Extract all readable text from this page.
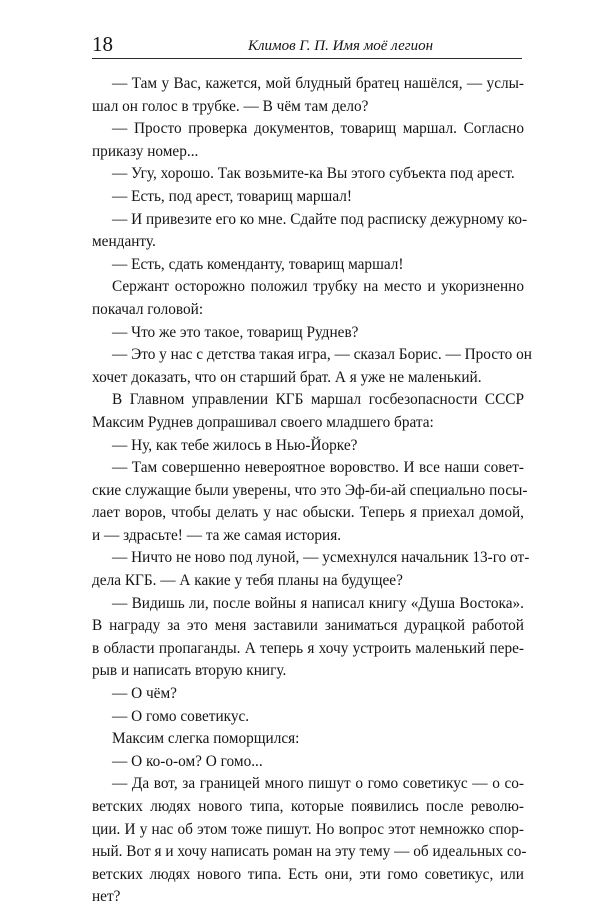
18	Климов Г. П. Имя моё легион
— Там у Вас, кажется, мой блудный братец нашёлся, — услы-
шал он голос в трубке. — В чём там дело?
— Просто проверка документов, товарищ маршал. Согласно
приказу номер...
— Угу, хорошо. Так возьмите-ка Вы этого субъекта под арест.
— Есть, под арест, товарищ маршал!
— И привезите его ко мне. Сдайте под расписку дежурному ко-
менданту.
— Есть, сдать коменданту, товарищ маршал!
Сержант осторожно положил трубку на место и укоризненно
покачал головой:
— Что же это такое, товарищ Руднев?
— Это у нас с детства такая игра, — сказал Борис. — Просто он
хочет доказать, что он старший брат. А я уже не маленький.
В Главном управлении КГБ маршал госбезопасности СССР
Максим Руднев допрашивал своего младшего брата:
— Ну, как тебе жилось в Нью-Йорке?
— Там совершенно невероятное воровство. И все наши совет-
ские служащие были уверены, что это Эф-би-ай специально посы-
лает воров, чтобы делать у нас обыски. Теперь я приехал домой,
и — здрасьте! — та же самая история.
— Ничто не ново под луной, — усмехнулся начальник 13-го от-
дела КГБ. — А какие у тебя планы на будущее?
— Видишь ли, после войны я написал книгу «Душа Востока».
В награду за это меня заставили заниматься дурацкой работой
в области пропаганды. А теперь я хочу устроить маленький пере-
рыв и написать вторую книгу.
— О чём?
— О гомо советикус.
Максим слегка поморщился:
— О ко-о-ом? О гомо...
— Да вот, за границей много пишут о гомо советикус — о со-
ветских людях нового типа, которые появились после револю-
ции. И у нас об этом тоже пишут. Но вопрос этот немножко спор-
ный. Вот я и хочу написать роман на эту тему — об идеальных со-
ветских людях нового типа. Есть они, эти гомо советикус, или
нет?
